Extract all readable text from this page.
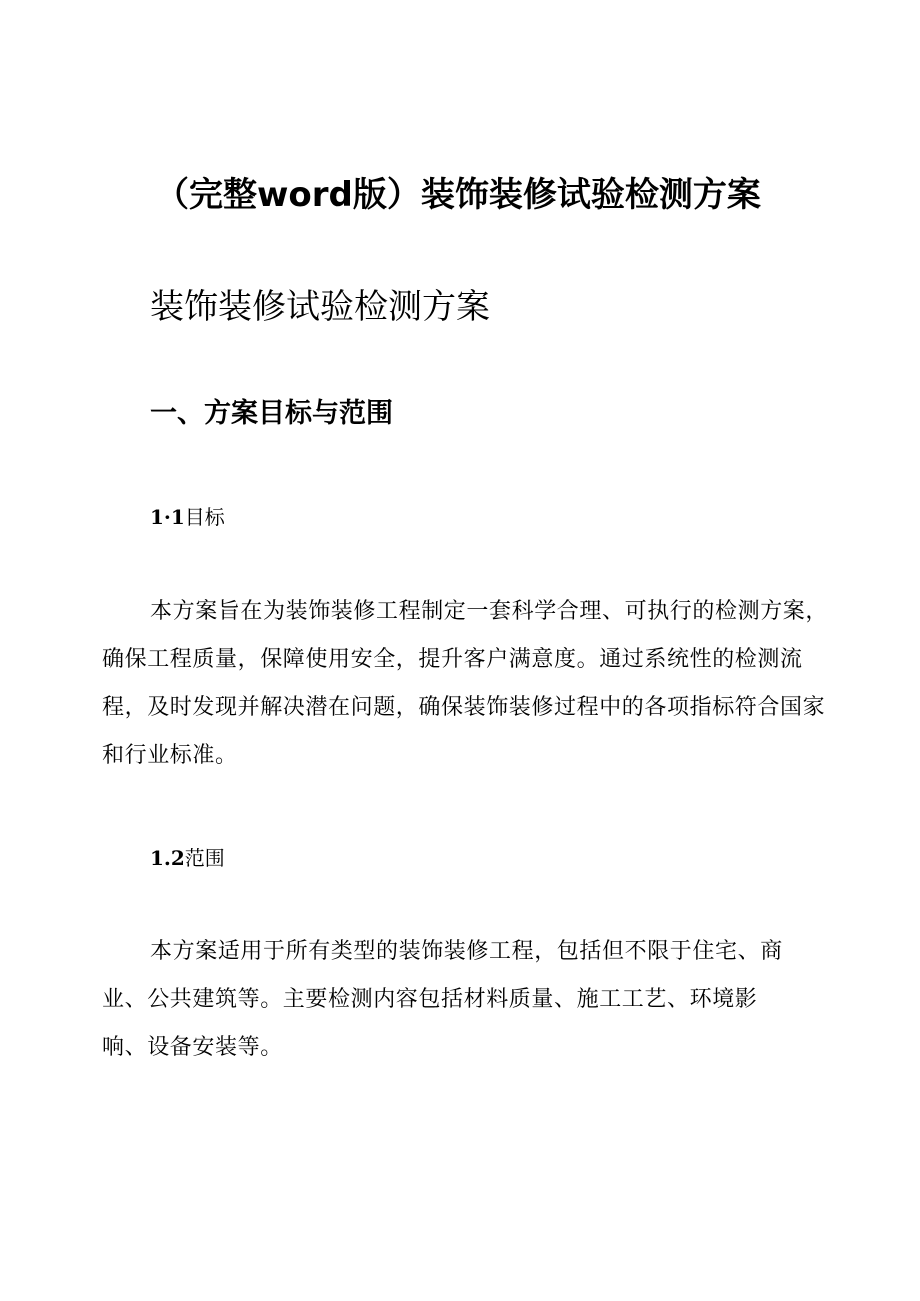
（完整word版）装饰装修试验检测方案
装饰装修试验检测方案
一、方案目标与范围
1·1目标

本方案旨在为装饰装修工程制定一套科学合理、可执行的检测方案，确保工程质量，保障使用安全，提升客户满意度。通过系统性的检测流程，及时发现并解决潜在问题，确保装饰装修过程中的各项指标符合国家和行业标准。

1.2范围

本方案适用于所有类型的装饰装修工程，包括但不限于住宅、商业、公共建筑等。主要检测内容包括材料质量、施工工艺、环境影响、设备安装等。
